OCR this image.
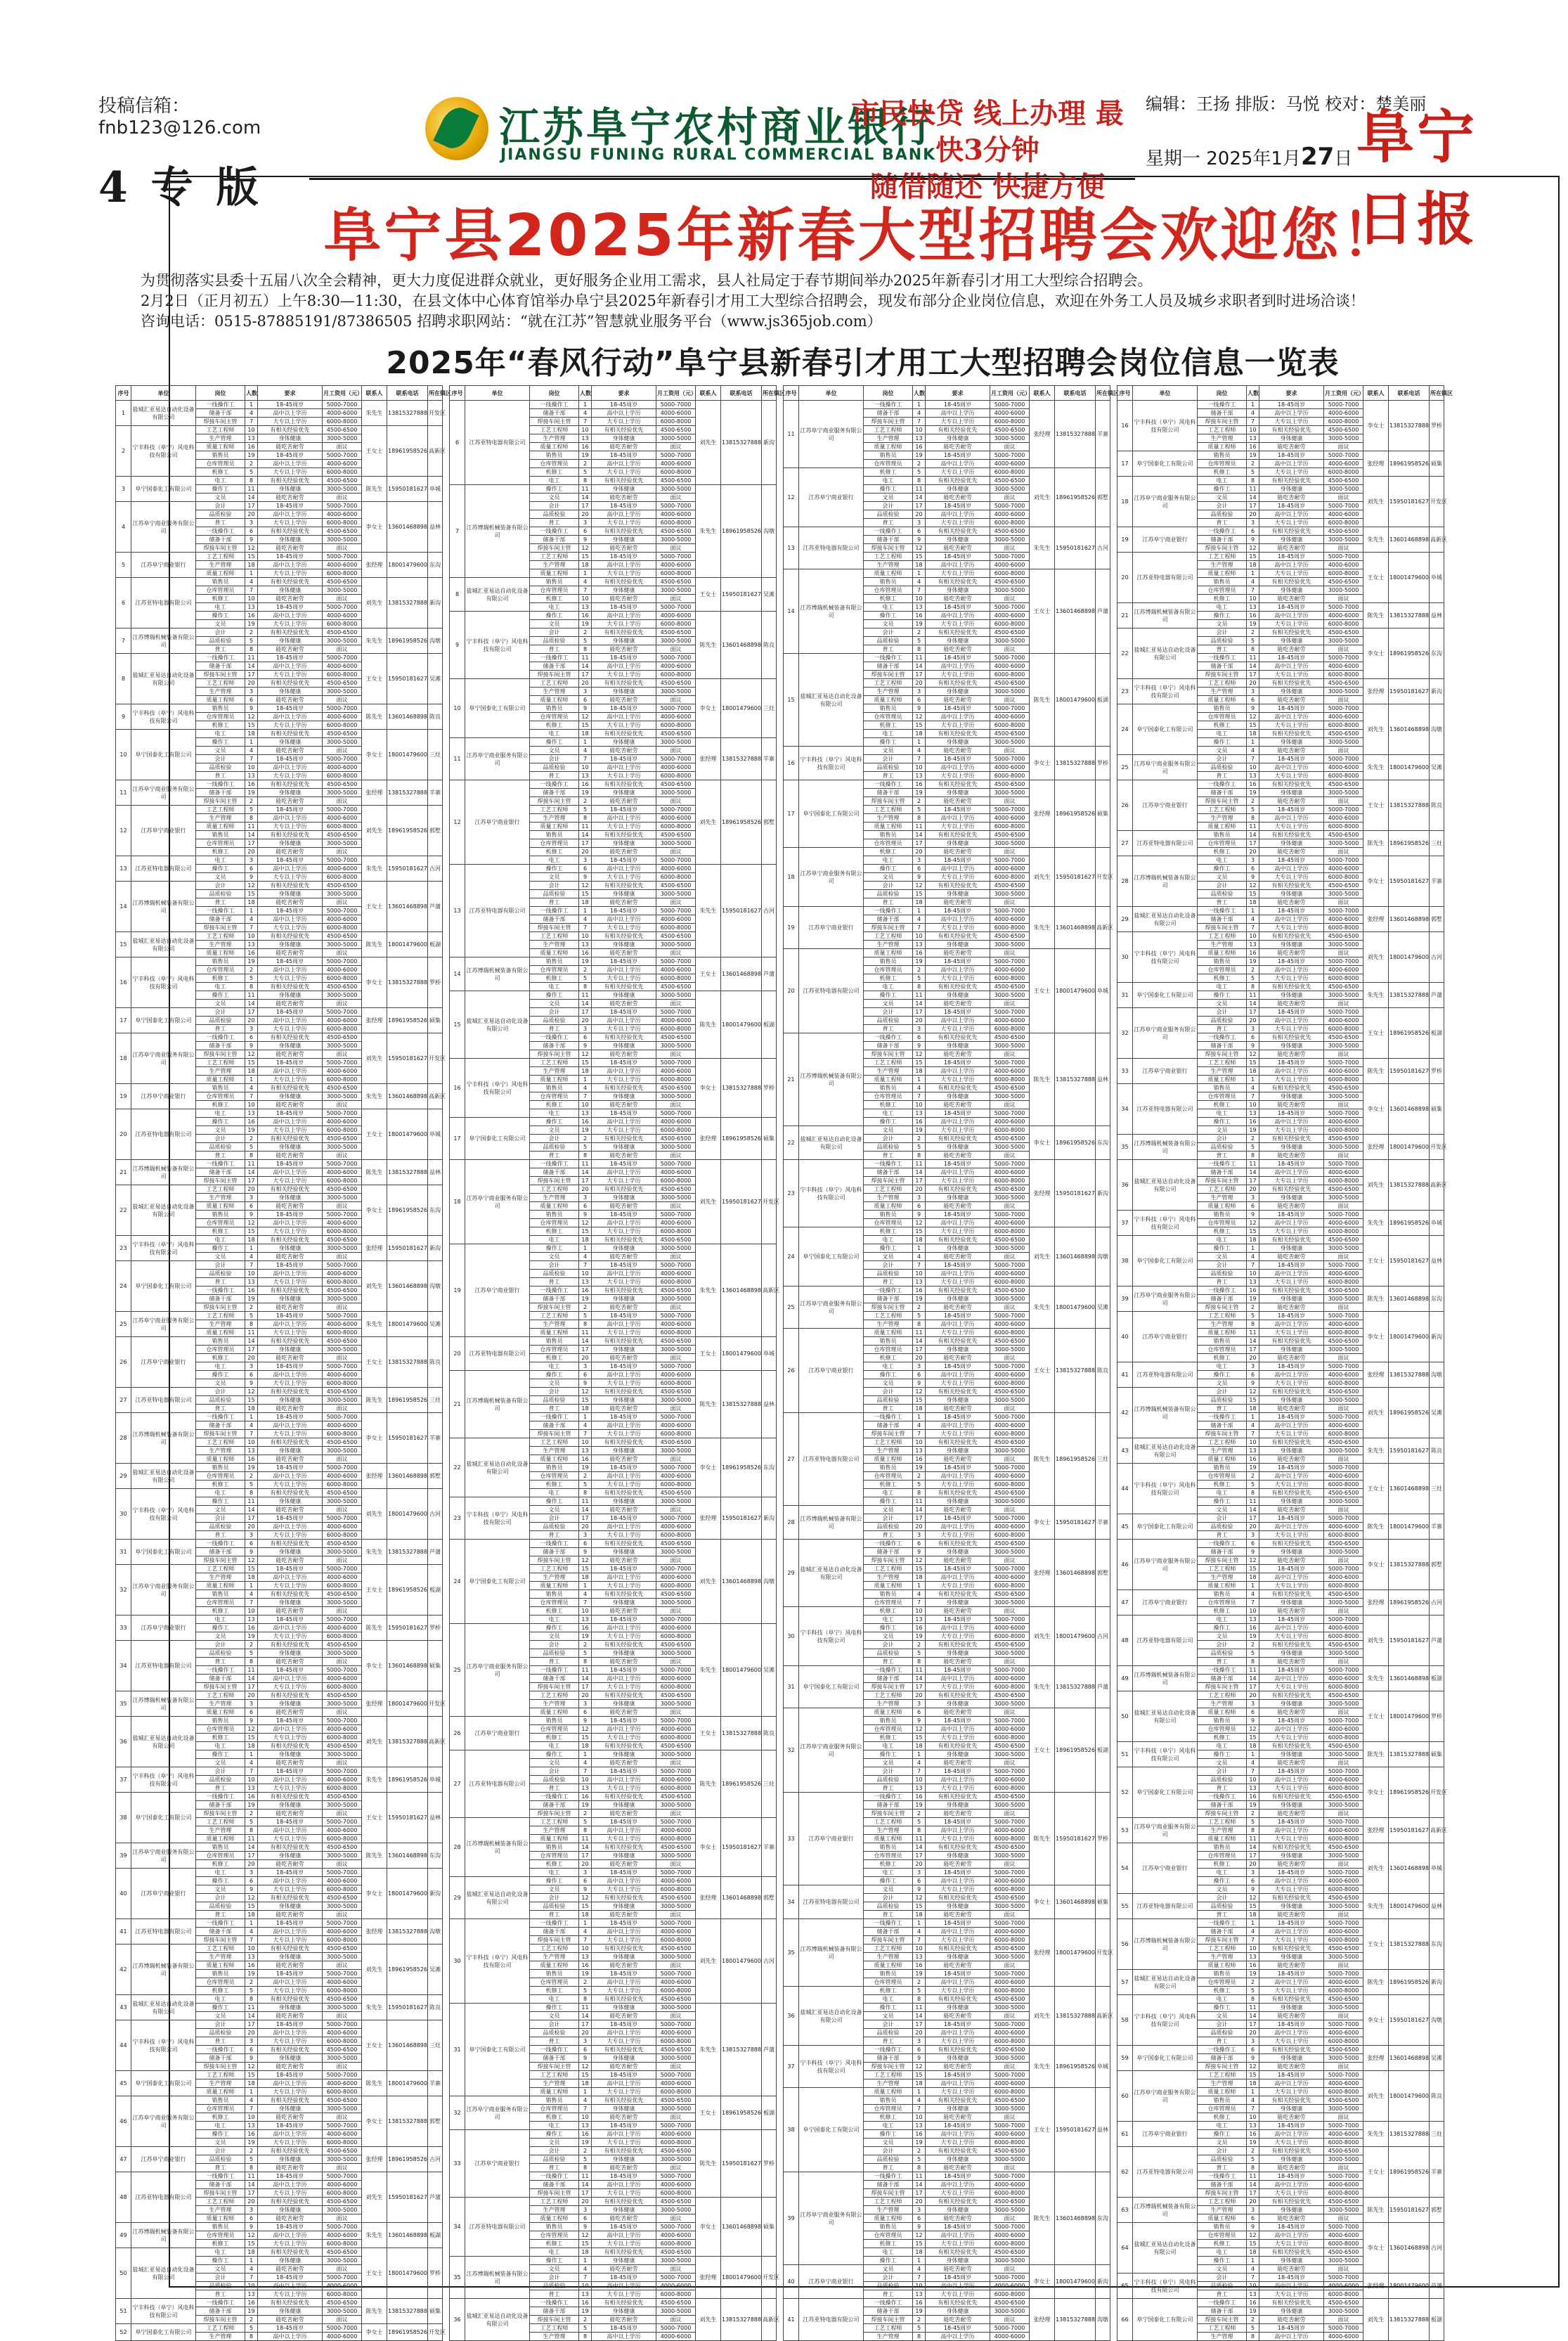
投稿信箱：fnb123@126.com
4 专 版
江苏阜宁农村商业银行
JIANGSU FUNING RURAL COMMERCIAL BANK
市民快贷 线上办理 最快3分钟
随借随还 快捷方便
编辑：王扬 排版：马悦 校对：楚美丽
星期一 2025年1月27日 阜宁日报
阜宁县2025年新春大型招聘会欢迎您！

为贯彻落实县委十五届八次全会精神，更大力度促进群众就业，更好服务企业用工需求，县人社局定于春节期间举办2025年新春引才用工大型综合招聘会。

2月2日（正月初五）上午8:30—11:30，在县文体中心体育馆举办阜宁县2025年新春引才用工大型综合招聘会，现发布部分企业岗位信息，欢迎在外务工人员及城乡求职者到时进场洽谈！

咨询电话：0515-87885191/87386505 招聘求职网站：“就在江苏”智慧就业服务平台（www.js365job.com）

2025年“春风行动”阜宁县新春引才用工大型招聘会岗位信息一览表
序号	单位	岗位	人数	要求	月工资用（元）	联系人	联系电话	所在镇区
1	盐城汇亚易达自动化设备有限公司	一线操作工	1	18-45周岁	5000-7000	朱先生	13815327888	开发区
		储备干部	4	高中以上学历	4000-6000			
		焊接车间主管	7	大专以上学历	6000-8000			
2	宁丰科技（阜宁）风电科技有限公司	工艺工程师	10	有相关经验优先	4500-6500	王女士	18961958526	高新区
		生产管理	13	身体健康	3000-5000			
		质量工程师	16	能吃苦耐劳	面议			
		销售员	19	18-45周岁	5000-7000			
		仓库管理员	2	高中以上学历	4000-6000			
		机修工	5	大专以上学历	6000-8000			
3	阜宁国泰化工有限公司	电工	8	有相关经验优先	4500-6500	陈先生	15950181627	阜城
		操作工	11	身体健康	3000-5000			
		文员	14	能吃苦耐劳	面议			
4	江苏阜宁商业服务有限公司	会计	17	18-45周岁	5000-7000	李女士	13601468898	益林
		品质检验	20	高中以上学历	4000-6000			
		普工	3	大专以上学历	6000-8000			
		一线操作工	6	有相关经验优先	4500-6500			
		储备干部	9	身体健康	3000-5000			
		焊接车间主管	12	能吃苦耐劳	面议			
5	江苏阜宁商业银行	工艺工程师	15	18-45周岁	5000-7000	张经理	18001479600	东沟
		生产管理	18	高中以上学历	4000-6000			
		质量工程师	1	大专以上学历	6000-8000			
6	江苏亚特电器有限公司	销售员	4	有相关经验优先	4500-6500	刘先生	13815327888	新沟
		仓库管理员	7	身体健康	3000-5000			
		机修工	10	能吃苦耐劳	面议			
		电工	13	18-45周岁	5000-7000			
		操作工	16	高中以上学历	4000-6000			
		文员	19	大专以上学历	6000-8000			
7	江苏博瑞机械装备有限公司	会计	2	有相关经验优先	4500-6500	朱先生	18961958526	沟墩
		品质检验	5	身体健康	3000-5000			
		普工	8	能吃苦耐劳	面议			
8	盐城汇亚易达自动化设备有限公司	一线操作工	11	18-45周岁	5000-7000	王女士	15950181627	吴滩
		储备干部	14	高中以上学历	4000-6000			
		焊接车间主管	17	大专以上学历	6000-8000			
		工艺工程师	20	有相关经验优先	4500-6500			
		生产管理	3	身体健康	3000-5000			
		质量工程师	6	能吃苦耐劳	面议			
9	宁丰科技（阜宁）风电科技有限公司	销售员	9	18-45周岁	5000-7000	陈先生	13601468898	陈良
		仓库管理员	12	高中以上学历	4000-6000			
		机修工	15	大专以上学历	6000-8000			
10	阜宁国泰化工有限公司	电工	18	有相关经验优先	4500-6500	李女士	18001479600	三灶
		操作工	1	身体健康	3000-5000			
		文员	4	能吃苦耐劳	面议			
		会计	7	18-45周岁	5000-7000			
		品质检验	10	高中以上学历	4000-6000			
		普工	13	大专以上学历	6000-8000			
11	江苏阜宁商业服务有限公司	一线操作工	16	有相关经验优先	4500-6500	张经理	13815327888	羊寨
		储备干部	19	身体健康	3000-5000			
		焊接车间主管	2	能吃苦耐劳	面议			
12	江苏阜宁商业银行	工艺工程师	5	18-45周岁	5000-7000	刘先生	18961958526	郭墅
		生产管理	8	高中以上学历	4000-6000			
		质量工程师	11	大专以上学历	6000-8000			
		销售员	14	有相关经验优先	4500-6500			
		仓库管理员	17	身体健康	3000-5000			
		机修工	20	能吃苦耐劳	面议			
13	江苏亚特电器有限公司	电工	3	18-45周岁	5000-7000	朱先生	15950181627	古河
		操作工	6	高中以上学历	4000-6000			
		文员	9	大专以上学历	6000-8000			
14	江苏博瑞机械装备有限公司	会计	12	有相关经验优先	4500-6500	王女士	13601468898	芦蒲
		品质检验	15	身体健康	3000-5000			
		普工	18	能吃苦耐劳	面议			
		一线操作工	1	18-45周岁	5000-7000			
		储备干部	4	高中以上学历	4000-6000			
		焊接车间主管	7	大专以上学历	6000-8000			
15	盐城汇亚易达自动化设备有限公司	工艺工程师	10	有相关经验优先	4500-6500	陈先生	18001479600	板湖
		生产管理	13	身体健康	3000-5000			
		质量工程师	16	能吃苦耐劳	面议			
16	宁丰科技（阜宁）风电科技有限公司	销售员	19	18-45周岁	5000-7000	李女士	13815327888	罗桥
		仓库管理员	2	高中以上学历	4000-6000			
		机修工	5	大专以上学历	6000-8000			
		电工	8	有相关经验优先	4500-6500			
		操作工	11	身体健康	3000-5000			
		文员	14	能吃苦耐劳	面议			
17	阜宁国泰化工有限公司	会计	17	18-45周岁	5000-7000	张经理	18961958526	硕集
		品质检验	20	高中以上学历	4000-6000			
		普工	3	大专以上学历	6000-8000			
18	江苏阜宁商业服务有限公司	一线操作工	6	有相关经验优先	4500-6500	刘先生	15950181627	开发区
		储备干部	9	身体健康	3000-5000			
		焊接车间主管	12	能吃苦耐劳	面议			
		工艺工程师	15	18-45周岁	5000-7000			
		生产管理	18	高中以上学历	4000-6000			
		质量工程师	1	大专以上学历	6000-8000			
19	江苏阜宁商业银行	销售员	4	有相关经验优先	4500-6500	朱先生	13601468898	高新区
		仓库管理员	7	身体健康	3000-5000			
		机修工	10	能吃苦耐劳	面议			
20	江苏亚特电器有限公司	电工	13	18-45周岁	5000-7000	王女士	18001479600	阜城
		操作工	16	高中以上学历	4000-6000			
		文员	19	大专以上学历	6000-8000			
		会计	2	有相关经验优先	4500-6500			
		品质检验	5	身体健康	3000-5000			
		普工	8	能吃苦耐劳	面议			
21	江苏博瑞机械装备有限公司	一线操作工	11	18-45周岁	5000-7000	陈先生	13815327888	益林
		储备干部	14	高中以上学历	4000-6000			
		焊接车间主管	17	大专以上学历	6000-8000			
22	盐城汇亚易达自动化设备有限公司	工艺工程师	20	有相关经验优先	4500-6500	李女士	18961958526	东沟
		生产管理	3	身体健康	3000-5000			
		质量工程师	6	能吃苦耐劳	面议			
		销售员	9	18-45周岁	5000-7000			
		仓库管理员	12	高中以上学历	4000-6000			
		机修工	15	大专以上学历	6000-8000			
23	宁丰科技（阜宁）风电科技有限公司	电工	18	有相关经验优先	4500-6500	张经理	15950181627	新沟
		操作工	1	身体健康	3000-5000			
		文员	4	能吃苦耐劳	面议			
24	阜宁国泰化工有限公司	会计	7	18-45周岁	5000-7000	刘先生	13601468898	沟墩
		品质检验	10	高中以上学历	4000-6000			
		普工	13	大专以上学历	6000-8000			
		一线操作工	16	有相关经验优先	4500-6500			
		储备干部	19	身体健康	3000-5000			
		焊接车间主管	2	能吃苦耐劳	面议			
25	江苏阜宁商业服务有限公司	工艺工程师	5	18-45周岁	5000-7000	朱先生	18001479600	吴滩
		生产管理	8	高中以上学历	4000-6000			
		质量工程师	11	大专以上学历	6000-8000			
26	江苏阜宁商业银行	销售员	14	有相关经验优先	4500-6500	王女士	13815327888	陈良
		仓库管理员	17	身体健康	3000-5000			
		机修工	20	能吃苦耐劳	面议			
		电工	3	18-45周岁	5000-7000			
		操作工	6	高中以上学历	4000-6000			
		文员	9	大专以上学历	6000-8000			
27	江苏亚特电器有限公司	会计	12	有相关经验优先	4500-6500	陈先生	18961958526	三灶
		品质检验	15	身体健康	3000-5000			
		普工	18	能吃苦耐劳	面议			
28	江苏博瑞机械装备有限公司	一线操作工	1	18-45周岁	5000-7000	李女士	15950181627	羊寨
		储备干部	4	高中以上学历	4000-6000			
		焊接车间主管	7	大专以上学历	6000-8000			
		工艺工程师	10	有相关经验优先	4500-6500			
		生产管理	13	身体健康	3000-5000			
		质量工程师	16	能吃苦耐劳	面议			
29	盐城汇亚易达自动化设备有限公司	销售员	19	18-45周岁	5000-7000	张经理	13601468898	郭墅
		仓库管理员	2	高中以上学历	4000-6000			
		机修工	5	大专以上学历	6000-8000			
30	宁丰科技（阜宁）风电科技有限公司	电工	8	有相关经验优先	4500-6500	刘先生	18001479600	古河
		操作工	11	身体健康	3000-5000			
		文员	14	能吃苦耐劳	面议			
		会计	17	18-45周岁	5000-7000			
		品质检验	20	高中以上学历	4000-6000			
		普工	3	大专以上学历	6000-8000			
31	阜宁国泰化工有限公司	一线操作工	6	有相关经验优先	4500-6500	朱先生	13815327888	芦蒲
		储备干部	9	身体健康	3000-5000			
		焊接车间主管	12	能吃苦耐劳	面议			
32	江苏阜宁商业服务有限公司	工艺工程师	15	18-45周岁	5000-7000	王女士	18961958526	板湖
		生产管理	18	高中以上学历	4000-6000			
		质量工程师	1	大专以上学历	6000-8000			
		销售员	4	有相关经验优先	4500-6500			
		仓库管理员	7	身体健康	3000-5000			
		机修工	10	能吃苦耐劳	面议			
33	江苏阜宁商业银行	电工	13	18-45周岁	5000-7000	陈先生	15950181627	罗桥
		操作工	16	高中以上学历	4000-6000			
		文员	19	大专以上学历	6000-8000			
34	江苏亚特电器有限公司	会计	2	有相关经验优先	4500-6500	李女士	13601468898	硕集
		品质检验	5	身体健康	3000-5000			
		普工	8	能吃苦耐劳	面议			
		一线操作工	11	18-45周岁	5000-7000			
		储备干部	14	高中以上学历	4000-6000			
		焊接车间主管	17	大专以上学历	6000-8000			
35	江苏博瑞机械装备有限公司	工艺工程师	20	有相关经验优先	4500-6500	张经理	18001479600	开发区
		生产管理	3	身体健康	3000-5000			
		质量工程师	6	能吃苦耐劳	面议			
36	盐城汇亚易达自动化设备有限公司	销售员	9	18-45周岁	5000-7000	刘先生	13815327888	高新区
		仓库管理员	12	高中以上学历	4000-6000			
		机修工	15	大专以上学历	6000-8000			
		电工	18	有相关经验优先	4500-6500			
		操作工	1	身体健康	3000-5000			
		文员	4	能吃苦耐劳	面议			
37	宁丰科技（阜宁）风电科技有限公司	会计	7	18-45周岁	5000-7000	朱先生	18961958526	阜城
		品质检验	10	高中以上学历	4000-6000			
		普工	13	大专以上学历	6000-8000			
38	阜宁国泰化工有限公司	一线操作工	16	有相关经验优先	4500-6500	王女士	15950181627	益林
		储备干部	19	身体健康	3000-5000			
		焊接车间主管	2	能吃苦耐劳	面议			
		工艺工程师	5	18-45周岁	5000-7000			
		生产管理	8	高中以上学历	4000-6000			
		质量工程师	11	大专以上学历	6000-8000			
39	江苏阜宁商业服务有限公司	销售员	14	有相关经验优先	4500-6500	陈先生	13601468898	东沟
		仓库管理员	17	身体健康	3000-5000			
		机修工	20	能吃苦耐劳	面议			
40	江苏阜宁商业银行	电工	3	18-45周岁	5000-7000	李女士	18001479600	新沟
		操作工	6	高中以上学历	4000-6000			
		文员	9	大专以上学历	6000-8000			
		会计	12	有相关经验优先	4500-6500			
		品质检验	15	身体健康	3000-5000			
		普工	18	能吃苦耐劳	面议			
41	江苏亚特电器有限公司	一线操作工	1	18-45周岁	5000-7000	张经理	13815327888	沟墩
		储备干部	4	高中以上学历	4000-6000			
		焊接车间主管	7	大专以上学历	6000-8000			
42	江苏博瑞机械装备有限公司	工艺工程师	10	有相关经验优先	4500-6500	刘先生	18961958526	吴滩
		生产管理	13	身体健康	3000-5000			
		质量工程师	16	能吃苦耐劳	面议			
		销售员	19	18-45周岁	5000-7000			
		仓库管理员	2	高中以上学历	4000-6000			
		机修工	5	大专以上学历	6000-8000			
43	盐城汇亚易达自动化设备有限公司	电工	8	有相关经验优先	4500-6500	朱先生	15950181627	陈良
		操作工	11	身体健康	3000-5000			
		文员	14	能吃苦耐劳	面议			
44	宁丰科技（阜宁）风电科技有限公司	会计	17	18-45周岁	5000-7000	王女士	13601468898	三灶
		品质检验	20	高中以上学历	4000-6000			
		普工	3	大专以上学历	6000-8000			
		一线操作工	6	有相关经验优先	4500-6500			
		储备干部	9	身体健康	3000-5000			
		焊接车间主管	12	能吃苦耐劳	面议			
45	阜宁国泰化工有限公司	工艺工程师	15	18-45周岁	5000-7000	陈先生	18001479600	羊寨
		生产管理	18	高中以上学历	4000-6000			
		质量工程师	1	大专以上学历	6000-8000			
46	江苏阜宁商业服务有限公司	销售员	4	有相关经验优先	4500-6500	李女士	13815327888	郭墅
		仓库管理员	7	身体健康	3000-5000			
		机修工	10	能吃苦耐劳	面议			
		电工	13	18-45周岁	5000-7000			
		操作工	16	高中以上学历	4000-6000			
		文员	19	大专以上学历	6000-8000			
47	江苏阜宁商业银行	会计	2	有相关经验优先	4500-6500	张经理	18961958526	古河
		品质检验	5	身体健康	3000-5000			
		普工	8	能吃苦耐劳	面议			
48	江苏亚特电器有限公司	一线操作工	11	18-45周岁	5000-7000	刘先生	15950181627	芦蒲
		储备干部	14	高中以上学历	4000-6000			
		焊接车间主管	17	大专以上学历	6000-8000			
		工艺工程师	20	有相关经验优先	4500-6500			
		生产管理	3	身体健康	3000-5000			
		质量工程师	6	能吃苦耐劳	面议			
49	江苏博瑞机械装备有限公司	销售员	9	18-45周岁	5000-7000	朱先生	13601468898	板湖
		仓库管理员	12	高中以上学历	4000-6000			
		机修工	15	大专以上学历	6000-8000			
50	盐城汇亚易达自动化设备有限公司	电工	18	有相关经验优先	4500-6500	王女士	18001479600	罗桥
		操作工	1	身体健康	3000-5000			
		文员	4	能吃苦耐劳	面议			
		会计	7	18-45周岁	5000-7000			
		品质检验	10	高中以上学历	4000-6000			
		普工	13	大专以上学历	6000-8000			
51	宁丰科技（阜宁）风电科技有限公司	一线操作工	16	有相关经验优先	4500-6500	陈先生	13815327888	硕集
		储备干部	19	身体健康	3000-5000			
		焊接车间主管	2	能吃苦耐劳	面议			
52	阜宁国泰化工有限公司	工艺工程师	5	18-45周岁	5000-7000	李女士	18961958526	开发区
		生产管理	8	高中以上学历	4000-6000			
序号	单位	岗位	人数	要求	月工资用（元）	联系人	联系电话	所在镇区
6	江苏亚特电器有限公司	一线操作工	1	18-45周岁	5000-7000	刘先生	13815327888	新沟
		储备干部	4	高中以上学历	4000-6000			
		焊接车间主管	7	大专以上学历	6000-8000			
		工艺工程师	10	有相关经验优先	4500-6500			
		生产管理	13	身体健康	3000-5000			
		质量工程师	16	能吃苦耐劳	面议			
		销售员	19	18-45周岁	5000-7000			
		仓库管理员	2	高中以上学历	4000-6000			
		机修工	5	大专以上学历	6000-8000			
		电工	8	有相关经验优先	4500-6500			
7	江苏博瑞机械装备有限公司	操作工	11	身体健康	3000-5000	朱先生	18961958526	沟墩
		文员	14	能吃苦耐劳	面议			
		会计	17	18-45周岁	5000-7000			
		品质检验	20	高中以上学历	4000-6000			
		普工	3	大专以上学历	6000-8000			
		一线操作工	6	有相关经验优先	4500-6500			
		储备干部	9	身体健康	3000-5000			
		焊接车间主管	12	能吃苦耐劳	面议			
		工艺工程师	15	18-45周岁	5000-7000			
		生产管理	18	高中以上学历	4000-6000			
		质量工程师	1	大专以上学历	6000-8000			
8	盐城汇亚易达自动化设备有限公司	销售员	4	有相关经验优先	4500-6500	王女士	15950181627	吴滩
		仓库管理员	7	身体健康	3000-5000			
		机修工	10	能吃苦耐劳	面议			
		电工	13	18-45周岁	5000-7000			
9	宁丰科技（阜宁）风电科技有限公司	操作工	16	高中以上学历	4000-6000	陈先生	13601468898	陈良
		文员	19	大专以上学历	6000-8000			
		会计	2	有相关经验优先	4500-6500			
		品质检验	5	身体健康	3000-5000			
		普工	8	能吃苦耐劳	面议			
		一线操作工	11	18-45周岁	5000-7000			
		储备干部	14	高中以上学历	4000-6000			
		焊接车间主管	17	大专以上学历	6000-8000			
10	阜宁国泰化工有限公司	工艺工程师	20	有相关经验优先	4500-6500	李女士	18001479600	三灶
		生产管理	3	身体健康	3000-5000			
		质量工程师	6	能吃苦耐劳	面议			
		销售员	9	18-45周岁	5000-7000			
		仓库管理员	12	高中以上学历	4000-6000			
		机修工	15	大专以上学历	6000-8000			
		电工	18	有相关经验优先	4500-6500			
11	江苏阜宁商业服务有限公司	操作工	1	身体健康	3000-5000	张经理	13815327888	羊寨
		文员	4	能吃苦耐劳	面议			
		会计	7	18-45周岁	5000-7000			
		品质检验	10	高中以上学历	4000-6000			
		普工	13	大专以上学历	6000-8000			
12	江苏阜宁商业银行	一线操作工	16	有相关经验优先	4500-6500	刘先生	18961958526	郭墅
		储备干部	19	身体健康	3000-5000			
		焊接车间主管	2	能吃苦耐劳	面议			
		工艺工程师	5	18-45周岁	5000-7000			
		生产管理	8	高中以上学历	4000-6000			
		质量工程师	11	大专以上学历	6000-8000			
		销售员	14	有相关经验优先	4500-6500			
		仓库管理员	17	身体健康	3000-5000			
		机修工	20	能吃苦耐劳	面议			
		电工	3	18-45周岁	5000-7000			
13	江苏亚特电器有限公司	操作工	6	高中以上学历	4000-6000	朱先生	15950181627	古河
		文员	9	大专以上学历	6000-8000			
		会计	12	有相关经验优先	4500-6500			
		品质检验	15	身体健康	3000-5000			
		普工	18	能吃苦耐劳	面议			
		一线操作工	1	18-45周岁	5000-7000			
		储备干部	4	高中以上学历	4000-6000			
		焊接车间主管	7	大专以上学历	6000-8000			
		工艺工程师	10	有相关经验优先	4500-6500			
		生产管理	13	身体健康	3000-5000			
		质量工程师	16	能吃苦耐劳	面议			
14	江苏博瑞机械装备有限公司	销售员	19	18-45周岁	5000-7000	王女士	13601468898	芦蒲
		仓库管理员	2	高中以上学历	4000-6000			
		机修工	5	大专以上学历	6000-8000			
		电工	8	有相关经验优先	4500-6500			
15	盐城汇亚易达自动化设备有限公司	操作工	11	身体健康	3000-5000	陈先生	18001479600	板湖
		文员	14	能吃苦耐劳	面议			
		会计	17	18-45周岁	5000-7000			
		品质检验	20	高中以上学历	4000-6000			
		普工	3	大专以上学历	6000-8000			
		一线操作工	6	有相关经验优先	4500-6500			
		储备干部	9	身体健康	3000-5000			
		焊接车间主管	12	能吃苦耐劳	面议			
16	宁丰科技（阜宁）风电科技有限公司	工艺工程师	15	18-45周岁	5000-7000	李女士	13815327888	罗桥
		生产管理	18	高中以上学历	4000-6000			
		质量工程师	1	大专以上学历	6000-8000			
		销售员	4	有相关经验优先	4500-6500			
		仓库管理员	7	身体健康	3000-5000			
		机修工	10	能吃苦耐劳	面议			
		电工	13	18-45周岁	5000-7000			
17	阜宁国泰化工有限公司	操作工	16	高中以上学历	4000-6000	张经理	18961958526	硕集
		文员	19	大专以上学历	6000-8000			
		会计	2	有相关经验优先	4500-6500			
		品质检验	5	身体健康	3000-5000			
		普工	8	能吃苦耐劳	面议			
18	江苏阜宁商业服务有限公司	一线操作工	11	18-45周岁	5000-7000	刘先生	15950181627	开发区
		储备干部	14	高中以上学历	4000-6000			
		焊接车间主管	17	大专以上学历	6000-8000			
		工艺工程师	20	有相关经验优先	4500-6500			
		生产管理	3	身体健康	3000-5000			
		质量工程师	6	能吃苦耐劳	面议			
		销售员	9	18-45周岁	5000-7000			
		仓库管理员	12	高中以上学历	4000-6000			
		机修工	15	大专以上学历	6000-8000			
		电工	18	有相关经验优先	4500-6500			
19	江苏阜宁商业银行	操作工	1	身体健康	3000-5000	朱先生	13601468898	高新区
		文员	4	能吃苦耐劳	面议			
		会计	7	18-45周岁	5000-7000			
		品质检验	10	高中以上学历	4000-6000			
		普工	13	大专以上学历	6000-8000			
		一线操作工	16	有相关经验优先	4500-6500			
		储备干部	19	身体健康	3000-5000			
		焊接车间主管	2	能吃苦耐劳	面议			
		工艺工程师	5	18-45周岁	5000-7000			
		生产管理	8	高中以上学历	4000-6000			
		质量工程师	11	大专以上学历	6000-8000			
20	江苏亚特电器有限公司	销售员	14	有相关经验优先	4500-6500	王女士	18001479600	阜城
		仓库管理员	17	身体健康	3000-5000			
		机修工	20	能吃苦耐劳	面议			
		电工	3	18-45周岁	5000-7000			
21	江苏博瑞机械装备有限公司	操作工	6	高中以上学历	4000-6000	陈先生	13815327888	益林
		文员	9	大专以上学历	6000-8000			
		会计	12	有相关经验优先	4500-6500			
		品质检验	15	身体健康	3000-5000			
		普工	18	能吃苦耐劳	面议			
		一线操作工	1	18-45周岁	5000-7000			
		储备干部	4	高中以上学历	4000-6000			
		焊接车间主管	7	大专以上学历	6000-8000			
22	盐城汇亚易达自动化设备有限公司	工艺工程师	10	有相关经验优先	4500-6500	李女士	18961958526	东沟
		生产管理	13	身体健康	3000-5000			
		质量工程师	16	能吃苦耐劳	面议			
		销售员	19	18-45周岁	5000-7000			
		仓库管理员	2	高中以上学历	4000-6000			
		机修工	5	大专以上学历	6000-8000			
		电工	8	有相关经验优先	4500-6500			
23	宁丰科技（阜宁）风电科技有限公司	操作工	11	身体健康	3000-5000	张经理	15950181627	新沟
		文员	14	能吃苦耐劳	面议			
		会计	17	18-45周岁	5000-7000			
		品质检验	20	高中以上学历	4000-6000			
		普工	3	大专以上学历	6000-8000			
24	阜宁国泰化工有限公司	一线操作工	6	有相关经验优先	4500-6500	刘先生	13601468898	沟墩
		储备干部	9	身体健康	3000-5000			
		焊接车间主管	12	能吃苦耐劳	面议			
		工艺工程师	15	18-45周岁	5000-7000			
		生产管理	18	高中以上学历	4000-6000			
		质量工程师	1	大专以上学历	6000-8000			
		销售员	4	有相关经验优先	4500-6500			
		仓库管理员	7	身体健康	3000-5000			
		机修工	10	能吃苦耐劳	面议			
		电工	13	18-45周岁	5000-7000			
25	江苏阜宁商业服务有限公司	操作工	16	高中以上学历	4000-6000	朱先生	18001479600	吴滩
		文员	19	大专以上学历	6000-8000			
		会计	2	有相关经验优先	4500-6500			
		品质检验	5	身体健康	3000-5000			
		普工	8	能吃苦耐劳	面议			
		一线操作工	11	18-45周岁	5000-7000			
		储备干部	14	高中以上学历	4000-6000			
		焊接车间主管	17	大专以上学历	6000-8000			
		工艺工程师	20	有相关经验优先	4500-6500			
		生产管理	3	身体健康	3000-5000			
		质量工程师	6	能吃苦耐劳	面议			
26	江苏阜宁商业银行	销售员	9	18-45周岁	5000-7000	王女士	13815327888	陈良
		仓库管理员	12	高中以上学历	4000-6000			
		机修工	15	大专以上学历	6000-8000			
		电工	18	有相关经验优先	4500-6500			
27	江苏亚特电器有限公司	操作工	1	身体健康	3000-5000	陈先生	18961958526	三灶
		文员	4	能吃苦耐劳	面议			
		会计	7	18-45周岁	5000-7000			
		品质检验	10	高中以上学历	4000-6000			
		普工	13	大专以上学历	6000-8000			
		一线操作工	16	有相关经验优先	4500-6500			
		储备干部	19	身体健康	3000-5000			
		焊接车间主管	2	能吃苦耐劳	面议			
28	江苏博瑞机械装备有限公司	工艺工程师	5	18-45周岁	5000-7000	李女士	15950181627	羊寨
		生产管理	8	高中以上学历	4000-6000			
		质量工程师	11	大专以上学历	6000-8000			
		销售员	14	有相关经验优先	4500-6500			
		仓库管理员	17	身体健康	3000-5000			
		机修工	20	能吃苦耐劳	面议			
		电工	3	18-45周岁	5000-7000			
29	盐城汇亚易达自动化设备有限公司	操作工	6	高中以上学历	4000-6000	张经理	13601468898	郭墅
		文员	9	大专以上学历	6000-8000			
		会计	12	有相关经验优先	4500-6500			
		品质检验	15	身体健康	3000-5000			
		普工	18	能吃苦耐劳	面议			
30	宁丰科技（阜宁）风电科技有限公司	一线操作工	1	18-45周岁	5000-7000	刘先生	18001479600	古河
		储备干部	4	高中以上学历	4000-6000			
		焊接车间主管	7	大专以上学历	6000-8000			
		工艺工程师	10	有相关经验优先	4500-6500			
		生产管理	13	身体健康	3000-5000			
		质量工程师	16	能吃苦耐劳	面议			
		销售员	19	18-45周岁	5000-7000			
		仓库管理员	2	高中以上学历	4000-6000			
		机修工	5	大专以上学历	6000-8000			
		电工	8	有相关经验优先	4500-6500			
31	阜宁国泰化工有限公司	操作工	11	身体健康	3000-5000	朱先生	13815327888	芦蒲
		文员	14	能吃苦耐劳	面议			
		会计	17	18-45周岁	5000-7000			
		品质检验	20	高中以上学历	4000-6000			
		普工	3	大专以上学历	6000-8000			
		一线操作工	6	有相关经验优先	4500-6500			
		储备干部	9	身体健康	3000-5000			
		焊接车间主管	12	能吃苦耐劳	面议			
		工艺工程师	15	18-45周岁	5000-7000			
		生产管理	18	高中以上学历	4000-6000			
		质量工程师	1	大专以上学历	6000-8000			
32	江苏阜宁商业服务有限公司	销售员	4	有相关经验优先	4500-6500	王女士	18961958526	板湖
		仓库管理员	7	身体健康	3000-5000			
		机修工	10	能吃苦耐劳	面议			
		电工	13	18-45周岁	5000-7000			
33	江苏阜宁商业银行	操作工	16	高中以上学历	4000-6000	陈先生	15950181627	罗桥
		文员	19	大专以上学历	6000-8000			
		会计	2	有相关经验优先	4500-6500			
		品质检验	5	身体健康	3000-5000			
		普工	8	能吃苦耐劳	面议			
		一线操作工	11	18-45周岁	5000-7000			
		储备干部	14	高中以上学历	4000-6000			
		焊接车间主管	17	大专以上学历	6000-8000			
34	江苏亚特电器有限公司	工艺工程师	20	有相关经验优先	4500-6500	李女士	13601468898	硕集
		生产管理	3	身体健康	3000-5000			
		质量工程师	6	能吃苦耐劳	面议			
		销售员	9	18-45周岁	5000-7000			
		仓库管理员	12	高中以上学历	4000-6000			
		机修工	15	大专以上学历	6000-8000			
		电工	18	有相关经验优先	4500-6500			
35	江苏博瑞机械装备有限公司	操作工	1	身体健康	3000-5000	张经理	18001479600	开发区
		文员	4	能吃苦耐劳	面议			
		会计	7	18-45周岁	5000-7000			
		品质检验	10	高中以上学历	4000-6000			
		普工	13	大专以上学历	6000-8000			
36	盐城汇亚易达自动化设备有限公司	一线操作工	16	有相关经验优先	4500-6500	刘先生	13815327888	高新区
		储备干部	19	身体健康	3000-5000			
		焊接车间主管	2	能吃苦耐劳	面议			
		工艺工程师	5	18-45周岁	5000-7000			
		生产管理	8	高中以上学历	4000-6000			
序号	单位	岗位	人数	要求	月工资用（元）	联系人	联系电话	所在镇区
11	江苏阜宁商业服务有限公司	一线操作工	1	18-45周岁	5000-7000	张经理	13815327888	羊寨
		储备干部	4	高中以上学历	4000-6000			
		焊接车间主管	7	大专以上学历	6000-8000			
		工艺工程师	10	有相关经验优先	4500-6500			
		生产管理	13	身体健康	3000-5000			
		质量工程师	16	能吃苦耐劳	面议			
		销售员	19	18-45周岁	5000-7000			
		仓库管理员	2	高中以上学历	4000-6000			
12	江苏阜宁商业银行	机修工	5	大专以上学历	6000-8000	刘先生	18961958526	郭墅
		电工	8	有相关经验优先	4500-6500			
		操作工	11	身体健康	3000-5000			
		文员	14	能吃苦耐劳	面议			
		会计	17	18-45周岁	5000-7000			
		品质检验	20	高中以上学历	4000-6000			
		普工	3	大专以上学历	6000-8000			
13	江苏亚特电器有限公司	一线操作工	6	有相关经验优先	4500-6500	朱先生	15950181627	古河
		储备干部	9	身体健康	3000-5000			
		焊接车间主管	12	能吃苦耐劳	面议			
		工艺工程师	15	18-45周岁	5000-7000			
		生产管理	18	高中以上学历	4000-6000			
14	江苏博瑞机械装备有限公司	质量工程师	1	大专以上学历	6000-8000	王女士	13601468898	芦蒲
		销售员	4	有相关经验优先	4500-6500			
		仓库管理员	7	身体健康	3000-5000			
		机修工	10	能吃苦耐劳	面议			
		电工	13	18-45周岁	5000-7000			
		操作工	16	高中以上学历	4000-6000			
		文员	19	大专以上学历	6000-8000			
		会计	2	有相关经验优先	4500-6500			
		品质检验	5	身体健康	3000-5000			
		普工	8	能吃苦耐劳	面议			
15	盐城汇亚易达自动化设备有限公司	一线操作工	11	18-45周岁	5000-7000	陈先生	18001479600	板湖
		储备干部	14	高中以上学历	4000-6000			
		焊接车间主管	17	大专以上学历	6000-8000			
		工艺工程师	20	有相关经验优先	4500-6500			
		生产管理	3	身体健康	3000-5000			
		质量工程师	6	能吃苦耐劳	面议			
		销售员	9	18-45周岁	5000-7000			
		仓库管理员	12	高中以上学历	4000-6000			
		机修工	15	大专以上学历	6000-8000			
		电工	18	有相关经验优先	4500-6500			
		操作工	1	身体健康	3000-5000			
16	宁丰科技（阜宁）风电科技有限公司	文员	4	能吃苦耐劳	面议	李女士	13815327888	罗桥
		会计	7	18-45周岁	5000-7000			
		品质检验	10	高中以上学历	4000-6000			
		普工	13	大专以上学历	6000-8000			
17	阜宁国泰化工有限公司	一线操作工	16	有相关经验优先	4500-6500	张经理	18961958526	硕集
		储备干部	19	身体健康	3000-5000			
		焊接车间主管	2	能吃苦耐劳	面议			
		工艺工程师	5	18-45周岁	5000-7000			
		生产管理	8	高中以上学历	4000-6000			
		质量工程师	11	大专以上学历	6000-8000			
		销售员	14	有相关经验优先	4500-6500			
		仓库管理员	17	身体健康	3000-5000			
18	江苏阜宁商业服务有限公司	机修工	20	能吃苦耐劳	面议	刘先生	15950181627	开发区
		电工	3	18-45周岁	5000-7000			
		操作工	6	高中以上学历	4000-6000			
		文员	9	大专以上学历	6000-8000			
		会计	12	有相关经验优先	4500-6500			
		品质检验	15	身体健康	3000-5000			
		普工	18	能吃苦耐劳	面议			
19	江苏阜宁商业银行	一线操作工	1	18-45周岁	5000-7000	朱先生	13601468898	高新区
		储备干部	4	高中以上学历	4000-6000			
		焊接车间主管	7	大专以上学历	6000-8000			
		工艺工程师	10	有相关经验优先	4500-6500			
		生产管理	13	身体健康	3000-5000			
20	江苏亚特电器有限公司	质量工程师	16	能吃苦耐劳	面议	王女士	18001479600	阜城
		销售员	19	18-45周岁	5000-7000			
		仓库管理员	2	高中以上学历	4000-6000			
		机修工	5	大专以上学历	6000-8000			
		电工	8	有相关经验优先	4500-6500			
		操作工	11	身体健康	3000-5000			
		文员	14	能吃苦耐劳	面议			
		会计	17	18-45周岁	5000-7000			
		品质检验	20	高中以上学历	4000-6000			
		普工	3	大专以上学历	6000-8000			
21	江苏博瑞机械装备有限公司	一线操作工	6	有相关经验优先	4500-6500	陈先生	13815327888	益林
		储备干部	9	身体健康	3000-5000			
		焊接车间主管	12	能吃苦耐劳	面议			
		工艺工程师	15	18-45周岁	5000-7000			
		生产管理	18	高中以上学历	4000-6000			
		质量工程师	1	大专以上学历	6000-8000			
		销售员	4	有相关经验优先	4500-6500			
		仓库管理员	7	身体健康	3000-5000			
		机修工	10	能吃苦耐劳	面议			
		电工	13	18-45周岁	5000-7000			
		操作工	16	高中以上学历	4000-6000			
22	盐城汇亚易达自动化设备有限公司	文员	19	大专以上学历	6000-8000	李女士	18961958526	东沟
		会计	2	有相关经验优先	4500-6500			
		品质检验	5	身体健康	3000-5000			
		普工	8	能吃苦耐劳	面议			
23	宁丰科技（阜宁）风电科技有限公司	一线操作工	11	18-45周岁	5000-7000	张经理	15950181627	新沟
		储备干部	14	高中以上学历	4000-6000			
		焊接车间主管	17	大专以上学历	6000-8000			
		工艺工程师	20	有相关经验优先	4500-6500			
		生产管理	3	身体健康	3000-5000			
		质量工程师	6	能吃苦耐劳	面议			
		销售员	9	18-45周岁	5000-7000			
		仓库管理员	12	高中以上学历	4000-6000			
24	阜宁国泰化工有限公司	机修工	15	大专以上学历	6000-8000	刘先生	13601468898	沟墩
		电工	18	有相关经验优先	4500-6500			
		操作工	1	身体健康	3000-5000			
		文员	4	能吃苦耐劳	面议			
		会计	7	18-45周岁	5000-7000			
		品质检验	10	高中以上学历	4000-6000			
		普工	13	大专以上学历	6000-8000			
25	江苏阜宁商业服务有限公司	一线操作工	16	有相关经验优先	4500-6500	朱先生	18001479600	吴滩
		储备干部	19	身体健康	3000-5000			
		焊接车间主管	2	能吃苦耐劳	面议			
		工艺工程师	5	18-45周岁	5000-7000			
		生产管理	8	高中以上学历	4000-6000			
26	江苏阜宁商业银行	质量工程师	11	大专以上学历	6000-8000	王女士	13815327888	陈良
		销售员	14	有相关经验优先	4500-6500			
		仓库管理员	17	身体健康	3000-5000			
		机修工	20	能吃苦耐劳	面议			
		电工	3	18-45周岁	5000-7000			
		操作工	6	高中以上学历	4000-6000			
		文员	9	大专以上学历	6000-8000			
		会计	12	有相关经验优先	4500-6500			
		品质检验	15	身体健康	3000-5000			
		普工	18	能吃苦耐劳	面议			
27	江苏亚特电器有限公司	一线操作工	1	18-45周岁	5000-7000	陈先生	18961958526	三灶
		储备干部	4	高中以上学历	4000-6000			
		焊接车间主管	7	大专以上学历	6000-8000			
		工艺工程师	10	有相关经验优先	4500-6500			
		生产管理	13	身体健康	3000-5000			
		质量工程师	16	能吃苦耐劳	面议			
		销售员	19	18-45周岁	5000-7000			
		仓库管理员	2	高中以上学历	4000-6000			
		机修工	5	大专以上学历	6000-8000			
		电工	8	有相关经验优先	4500-6500			
		操作工	11	身体健康	3000-5000			
28	江苏博瑞机械装备有限公司	文员	14	能吃苦耐劳	面议	李女士	15950181627	羊寨
		会计	17	18-45周岁	5000-7000			
		品质检验	20	高中以上学历	4000-6000			
		普工	3	大专以上学历	6000-8000			
29	盐城汇亚易达自动化设备有限公司	一线操作工	6	有相关经验优先	4500-6500	张经理	13601468898	郭墅
		储备干部	9	身体健康	3000-5000			
		焊接车间主管	12	能吃苦耐劳	面议			
		工艺工程师	15	18-45周岁	5000-7000			
		生产管理	18	高中以上学历	4000-6000			
		质量工程师	1	大专以上学历	6000-8000			
		销售员	4	有相关经验优先	4500-6500			
		仓库管理员	7	身体健康	3000-5000			
30	宁丰科技（阜宁）风电科技有限公司	机修工	10	能吃苦耐劳	面议	刘先生	18001479600	古河
		电工	13	18-45周岁	5000-7000			
		操作工	16	高中以上学历	4000-6000			
		文员	19	大专以上学历	6000-8000			
		会计	2	有相关经验优先	4500-6500			
		品质检验	5	身体健康	3000-5000			
		普工	8	能吃苦耐劳	面议			
31	阜宁国泰化工有限公司	一线操作工	11	18-45周岁	5000-7000	朱先生	13815327888	芦蒲
		储备干部	14	高中以上学历	4000-6000			
		焊接车间主管	17	大专以上学历	6000-8000			
		工艺工程师	20	有相关经验优先	4500-6500			
		生产管理	3	身体健康	3000-5000			
32	江苏阜宁商业服务有限公司	质量工程师	6	能吃苦耐劳	面议	王女士	18961958526	板湖
		销售员	9	18-45周岁	5000-7000			
		仓库管理员	12	高中以上学历	4000-6000			
		机修工	15	大专以上学历	6000-8000			
		电工	18	有相关经验优先	4500-6500			
		操作工	1	身体健康	3000-5000			
		文员	4	能吃苦耐劳	面议			
		会计	7	18-45周岁	5000-7000			
		品质检验	10	高中以上学历	4000-6000			
		普工	13	大专以上学历	6000-8000			
33	江苏阜宁商业银行	一线操作工	16	有相关经验优先	4500-6500	陈先生	15950181627	罗桥
		储备干部	19	身体健康	3000-5000			
		焊接车间主管	2	能吃苦耐劳	面议			
		工艺工程师	5	18-45周岁	5000-7000			
		生产管理	8	高中以上学历	4000-6000			
		质量工程师	11	大专以上学历	6000-8000			
		销售员	14	有相关经验优先	4500-6500			
		仓库管理员	17	身体健康	3000-5000			
		机修工	20	能吃苦耐劳	面议			
		电工	3	18-45周岁	5000-7000			
		操作工	6	高中以上学历	4000-6000			
34	江苏亚特电器有限公司	文员	9	大专以上学历	6000-8000	李女士	13601468898	硕集
		会计	12	有相关经验优先	4500-6500			
		品质检验	15	身体健康	3000-5000			
		普工	18	能吃苦耐劳	面议			
35	江苏博瑞机械装备有限公司	一线操作工	1	18-45周岁	5000-7000	张经理	18001479600	开发区
		储备干部	4	高中以上学历	4000-6000			
		焊接车间主管	7	大专以上学历	6000-8000			
		工艺工程师	10	有相关经验优先	4500-6500			
		生产管理	13	身体健康	3000-5000			
		质量工程师	16	能吃苦耐劳	面议			
		销售员	19	18-45周岁	5000-7000			
		仓库管理员	2	高中以上学历	4000-6000			
36	盐城汇亚易达自动化设备有限公司	机修工	5	大专以上学历	6000-8000	刘先生	13815327888	高新区
		电工	8	有相关经验优先	4500-6500			
		操作工	11	身体健康	3000-5000			
		文员	14	能吃苦耐劳	面议			
		会计	17	18-45周岁	5000-7000			
		品质检验	20	高中以上学历	4000-6000			
		普工	3	大专以上学历	6000-8000			
37	宁丰科技（阜宁）风电科技有限公司	一线操作工	6	有相关经验优先	4500-6500	朱先生	18961958526	阜城
		储备干部	9	身体健康	3000-5000			
		焊接车间主管	12	能吃苦耐劳	面议			
		工艺工程师	15	18-45周岁	5000-7000			
		生产管理	18	高中以上学历	4000-6000			
38	阜宁国泰化工有限公司	质量工程师	1	大专以上学历	6000-8000	王女士	15950181627	益林
		销售员	4	有相关经验优先	4500-6500			
		仓库管理员	7	身体健康	3000-5000			
		机修工	10	能吃苦耐劳	面议			
		电工	13	18-45周岁	5000-7000			
		操作工	16	高中以上学历	4000-6000			
		文员	19	大专以上学历	6000-8000			
		会计	2	有相关经验优先	4500-6500			
		品质检验	5	身体健康	3000-5000			
		普工	8	能吃苦耐劳	面议			
39	江苏阜宁商业服务有限公司	一线操作工	11	18-45周岁	5000-7000	陈先生	13601468898	东沟
		储备干部	14	高中以上学历	4000-6000			
		焊接车间主管	17	大专以上学历	6000-8000			
		工艺工程师	20	有相关经验优先	4500-6500			
		生产管理	3	身体健康	3000-5000			
		质量工程师	6	能吃苦耐劳	面议			
		销售员	9	18-45周岁	5000-7000			
		仓库管理员	12	高中以上学历	4000-6000			
		机修工	15	大专以上学历	6000-8000			
		电工	18	有相关经验优先	4500-6500			
		操作工	1	身体健康	3000-5000			
40	江苏阜宁商业银行	文员	4	能吃苦耐劳	面议	李女士	18001479600	新沟
		会计	7	18-45周岁	5000-7000			
		品质检验	10	高中以上学历	4000-6000			
		普工	13	大专以上学历	6000-8000			
41	江苏亚特电器有限公司	一线操作工	16	有相关经验优先	4500-6500	张经理	13815327888	沟墩
		储备干部	19	身体健康	3000-5000			
		焊接车间主管	2	能吃苦耐劳	面议			
		工艺工程师	5	18-45周岁	5000-7000			
		生产管理	8	高中以上学历	4000-6000			
序号	单位	岗位	人数	要求	月工资用（元）	联系人	联系电话	所在镇区
16	宁丰科技（阜宁）风电科技有限公司	一线操作工	1	18-45周岁	5000-7000	李女士	13815327888	罗桥
		储备干部	4	高中以上学历	4000-6000			
		焊接车间主管	7	大专以上学历	6000-8000			
		工艺工程师	10	有相关经验优先	4500-6500			
		生产管理	13	身体健康	3000-5000			
		质量工程师	16	能吃苦耐劳	面议			
17	阜宁国泰化工有限公司	销售员	19	18-45周岁	5000-7000	张经理	18961958526	硕集
		仓库管理员	2	高中以上学历	4000-6000			
		机修工	5	大专以上学历	6000-8000			
18	江苏阜宁商业服务有限公司	电工	8	有相关经验优先	4500-6500	刘先生	15950181627	开发区
		操作工	11	身体健康	3000-5000			
		文员	14	能吃苦耐劳	面议			
		会计	17	18-45周岁	5000-7000			
		品质检验	20	高中以上学历	4000-6000			
		普工	3	大专以上学历	6000-8000			
19	江苏阜宁商业银行	一线操作工	6	有相关经验优先	4500-6500	朱先生	13601468898	高新区
		储备干部	9	身体健康	3000-5000			
		焊接车间主管	12	能吃苦耐劳	面议			
20	江苏亚特电器有限公司	工艺工程师	15	18-45周岁	5000-7000	王女士	18001479600	阜城
		生产管理	18	高中以上学历	4000-6000			
		质量工程师	1	大专以上学历	6000-8000			
		销售员	4	有相关经验优先	4500-6500			
		仓库管理员	7	身体健康	3000-5000			
		机修工	10	能吃苦耐劳	面议			
21	江苏博瑞机械装备有限公司	电工	13	18-45周岁	5000-7000	陈先生	13815327888	益林
		操作工	16	高中以上学历	4000-6000			
		文员	19	大专以上学历	6000-8000			
22	盐城汇亚易达自动化设备有限公司	会计	2	有相关经验优先	4500-6500	李女士	18961958526	东沟
		品质检验	5	身体健康	3000-5000			
		普工	8	能吃苦耐劳	面议			
		一线操作工	11	18-45周岁	5000-7000			
		储备干部	14	高中以上学历	4000-6000			
		焊接车间主管	17	大专以上学历	6000-8000			
23	宁丰科技（阜宁）风电科技有限公司	工艺工程师	20	有相关经验优先	4500-6500	张经理	15950181627	新沟
		生产管理	3	身体健康	3000-5000			
		质量工程师	6	能吃苦耐劳	面议			
24	阜宁国泰化工有限公司	销售员	9	18-45周岁	5000-7000	刘先生	13601468898	沟墩
		仓库管理员	12	高中以上学历	4000-6000			
		机修工	15	大专以上学历	6000-8000			
		电工	18	有相关经验优先	4500-6500			
		操作工	1	身体健康	3000-5000			
		文员	4	能吃苦耐劳	面议			
25	江苏阜宁商业服务有限公司	会计	7	18-45周岁	5000-7000	朱先生	18001479600	吴滩
		品质检验	10	高中以上学历	4000-6000			
		普工	13	大专以上学历	6000-8000			
26	江苏阜宁商业银行	一线操作工	16	有相关经验优先	4500-6500	王女士	13815327888	陈良
		储备干部	19	身体健康	3000-5000			
		焊接车间主管	2	能吃苦耐劳	面议			
		工艺工程师	5	18-45周岁	5000-7000			
		生产管理	8	高中以上学历	4000-6000			
		质量工程师	11	大专以上学历	6000-8000			
27	江苏亚特电器有限公司	销售员	14	有相关经验优先	4500-6500	陈先生	18961958526	三灶
		仓库管理员	17	身体健康	3000-5000			
		机修工	20	能吃苦耐劳	面议			
28	江苏博瑞机械装备有限公司	电工	3	18-45周岁	5000-7000	李女士	15950181627	羊寨
		操作工	6	高中以上学历	4000-6000			
		文员	9	大专以上学历	6000-8000			
		会计	12	有相关经验优先	4500-6500			
		品质检验	15	身体健康	3000-5000			
		普工	18	能吃苦耐劳	面议			
29	盐城汇亚易达自动化设备有限公司	一线操作工	1	18-45周岁	5000-7000	张经理	13601468898	郭墅
		储备干部	4	高中以上学历	4000-6000			
		焊接车间主管	7	大专以上学历	6000-8000			
30	宁丰科技（阜宁）风电科技有限公司	工艺工程师	10	有相关经验优先	4500-6500	刘先生	18001479600	古河
		生产管理	13	身体健康	3000-5000			
		质量工程师	16	能吃苦耐劳	面议			
		销售员	19	18-45周岁	5000-7000			
		仓库管理员	2	高中以上学历	4000-6000			
		机修工	5	大专以上学历	6000-8000			
31	阜宁国泰化工有限公司	电工	8	有相关经验优先	4500-6500	朱先生	13815327888	芦蒲
		操作工	11	身体健康	3000-5000			
		文员	14	能吃苦耐劳	面议			
32	江苏阜宁商业服务有限公司	会计	17	18-45周岁	5000-7000	王女士	18961958526	板湖
		品质检验	20	高中以上学历	4000-6000			
		普工	3	大专以上学历	6000-8000			
		一线操作工	6	有相关经验优先	4500-6500			
		储备干部	9	身体健康	3000-5000			
		焊接车间主管	12	能吃苦耐劳	面议			
33	江苏阜宁商业银行	工艺工程师	15	18-45周岁	5000-7000	陈先生	15950181627	罗桥
		生产管理	18	高中以上学历	4000-6000			
		质量工程师	1	大专以上学历	6000-8000			
34	江苏亚特电器有限公司	销售员	4	有相关经验优先	4500-6500	李女士	13601468898	硕集
		仓库管理员	7	身体健康	3000-5000			
		机修工	10	能吃苦耐劳	面议			
		电工	13	18-45周岁	5000-7000			
		操作工	16	高中以上学历	4000-6000			
		文员	19	大专以上学历	6000-8000			
35	江苏博瑞机械装备有限公司	会计	2	有相关经验优先	4500-6500	张经理	18001479600	开发区
		品质检验	5	身体健康	3000-5000			
		普工	8	能吃苦耐劳	面议			
36	盐城汇亚易达自动化设备有限公司	一线操作工	11	18-45周岁	5000-7000	刘先生	13815327888	高新区
		储备干部	14	高中以上学历	4000-6000			
		焊接车间主管	17	大专以上学历	6000-8000			
		工艺工程师	20	有相关经验优先	4500-6500			
		生产管理	3	身体健康	3000-5000			
		质量工程师	6	能吃苦耐劳	面议			
37	宁丰科技（阜宁）风电科技有限公司	销售员	9	18-45周岁	5000-7000	朱先生	18961958526	阜城
		仓库管理员	12	高中以上学历	4000-6000			
		机修工	15	大专以上学历	6000-8000			
38	阜宁国泰化工有限公司	电工	18	有相关经验优先	4500-6500	王女士	15950181627	益林
		操作工	1	身体健康	3000-5000			
		文员	4	能吃苦耐劳	面议			
		会计	7	18-45周岁	5000-7000			
		品质检验	10	高中以上学历	4000-6000			
		普工	13	大专以上学历	6000-8000			
39	江苏阜宁商业服务有限公司	一线操作工	16	有相关经验优先	4500-6500	陈先生	13601468898	东沟
		储备干部	19	身体健康	3000-5000			
		焊接车间主管	2	能吃苦耐劳	面议			
40	江苏阜宁商业银行	工艺工程师	5	18-45周岁	5000-7000	李女士	18001479600	新沟
		生产管理	8	高中以上学历	4000-6000			
		质量工程师	11	大专以上学历	6000-8000			
		销售员	14	有相关经验优先	4500-6500			
		仓库管理员	17	身体健康	3000-5000			
		机修工	20	能吃苦耐劳	面议			
41	江苏亚特电器有限公司	电工	3	18-45周岁	5000-7000	张经理	13815327888	沟墩
		操作工	6	高中以上学历	4000-6000			
		文员	9	大专以上学历	6000-8000			
42	江苏博瑞机械装备有限公司	会计	12	有相关经验优先	4500-6500	刘先生	18961958526	吴滩
		品质检验	15	身体健康	3000-5000			
		普工	18	能吃苦耐劳	面议			
		一线操作工	1	18-45周岁	5000-7000			
		储备干部	4	高中以上学历	4000-6000			
		焊接车间主管	7	大专以上学历	6000-8000			
43	盐城汇亚易达自动化设备有限公司	工艺工程师	10	有相关经验优先	4500-6500	朱先生	15950181627	陈良
		生产管理	13	身体健康	3000-5000			
		质量工程师	16	能吃苦耐劳	面议			
44	宁丰科技（阜宁）风电科技有限公司	销售员	19	18-45周岁	5000-7000	王女士	13601468898	三灶
		仓库管理员	2	高中以上学历	4000-6000			
		机修工	5	大专以上学历	6000-8000			
		电工	8	有相关经验优先	4500-6500			
		操作工	11	身体健康	3000-5000			
		文员	14	能吃苦耐劳	面议			
45	阜宁国泰化工有限公司	会计	17	18-45周岁	5000-7000	陈先生	18001479600	羊寨
		品质检验	20	高中以上学历	4000-6000			
		普工	3	大专以上学历	6000-8000			
46	江苏阜宁商业服务有限公司	一线操作工	6	有相关经验优先	4500-6500	李女士	13815327888	郭墅
		储备干部	9	身体健康	3000-5000			
		焊接车间主管	12	能吃苦耐劳	面议			
		工艺工程师	15	18-45周岁	5000-7000			
		生产管理	18	高中以上学历	4000-6000			
		质量工程师	1	大专以上学历	6000-8000			
47	江苏阜宁商业银行	销售员	4	有相关经验优先	4500-6500	张经理	18961958526	古河
		仓库管理员	7	身体健康	3000-5000			
		机修工	10	能吃苦耐劳	面议			
48	江苏亚特电器有限公司	电工	13	18-45周岁	5000-7000	刘先生	15950181627	芦蒲
		操作工	16	高中以上学历	4000-6000			
		文员	19	大专以上学历	6000-8000			
		会计	2	有相关经验优先	4500-6500			
		品质检验	5	身体健康	3000-5000			
		普工	8	能吃苦耐劳	面议			
49	江苏博瑞机械装备有限公司	一线操作工	11	18-45周岁	5000-7000	朱先生	13601468898	板湖
		储备干部	14	高中以上学历	4000-6000			
		焊接车间主管	17	大专以上学历	6000-8000			
50	盐城汇亚易达自动化设备有限公司	工艺工程师	20	有相关经验优先	4500-6500	王女士	18001479600	罗桥
		生产管理	3	身体健康	3000-5000			
		质量工程师	6	能吃苦耐劳	面议			
		销售员	9	18-45周岁	5000-7000			
		仓库管理员	12	高中以上学历	4000-6000			
		机修工	15	大专以上学历	6000-8000			
51	宁丰科技（阜宁）风电科技有限公司	电工	18	有相关经验优先	4500-6500	陈先生	13815327888	硕集
		操作工	1	身体健康	3000-5000			
		文员	4	能吃苦耐劳	面议			
52	阜宁国泰化工有限公司	会计	7	18-45周岁	5000-7000	李女士	18961958526	开发区
		品质检验	10	高中以上学历	4000-6000			
		普工	13	大专以上学历	6000-8000			
		一线操作工	16	有相关经验优先	4500-6500			
		储备干部	19	身体健康	3000-5000			
		焊接车间主管	2	能吃苦耐劳	面议			
53	江苏阜宁商业服务有限公司	工艺工程师	5	18-45周岁	5000-7000	张经理	15950181627	高新区
		生产管理	8	高中以上学历	4000-6000			
		质量工程师	11	大专以上学历	6000-8000			
54	江苏阜宁商业银行	销售员	14	有相关经验优先	4500-6500	刘先生	13601468898	阜城
		仓库管理员	17	身体健康	3000-5000			
		机修工	20	能吃苦耐劳	面议			
		电工	3	18-45周岁	5000-7000			
		操作工	6	高中以上学历	4000-6000			
		文员	9	大专以上学历	6000-8000			
55	江苏亚特电器有限公司	会计	12	有相关经验优先	4500-6500	朱先生	18001479600	益林
		品质检验	15	身体健康	3000-5000			
		普工	18	能吃苦耐劳	面议			
56	江苏博瑞机械装备有限公司	一线操作工	1	18-45周岁	5000-7000	王女士	13815327888	东沟
		储备干部	4	高中以上学历	4000-6000			
		焊接车间主管	7	大专以上学历	6000-8000			
		工艺工程师	10	有相关经验优先	4500-6500			
		生产管理	13	身体健康	3000-5000			
		质量工程师	16	能吃苦耐劳	面议			
57	盐城汇亚易达自动化设备有限公司	销售员	19	18-45周岁	5000-7000	陈先生	18961958526	新沟
		仓库管理员	2	高中以上学历	4000-6000			
		机修工	5	大专以上学历	6000-8000			
58	宁丰科技（阜宁）风电科技有限公司	电工	8	有相关经验优先	4500-6500	李女士	15950181627	沟墩
		操作工	11	身体健康	3000-5000			
		文员	14	能吃苦耐劳	面议			
		会计	17	18-45周岁	5000-7000			
		品质检验	20	高中以上学历	4000-6000			
		普工	3	大专以上学历	6000-8000			
59	阜宁国泰化工有限公司	一线操作工	6	有相关经验优先	4500-6500	张经理	13601468898	吴滩
		储备干部	9	身体健康	3000-5000			
		焊接车间主管	12	能吃苦耐劳	面议			
60	江苏阜宁商业服务有限公司	工艺工程师	15	18-45周岁	5000-7000	刘先生	18001479600	陈良
		生产管理	18	高中以上学历	4000-6000			
		质量工程师	1	大专以上学历	6000-8000			
		销售员	4	有相关经验优先	4500-6500			
		仓库管理员	7	身体健康	3000-5000			
		机修工	10	能吃苦耐劳	面议			
61	江苏阜宁商业银行	电工	13	18-45周岁	5000-7000	朱先生	13815327888	三灶
		操作工	16	高中以上学历	4000-6000			
		文员	19	大专以上学历	6000-8000			
62	江苏亚特电器有限公司	会计	2	有相关经验优先	4500-6500	王女士	18961958526	羊寨
		品质检验	5	身体健康	3000-5000			
		普工	8	能吃苦耐劳	面议			
		一线操作工	11	18-45周岁	5000-7000			
		储备干部	14	高中以上学历	4000-6000			
		焊接车间主管	17	大专以上学历	6000-8000			
63	江苏博瑞机械装备有限公司	工艺工程师	20	有相关经验优先	4500-6500	陈先生	15950181627	郭墅
		生产管理	3	身体健康	3000-5000			
		质量工程师	6	能吃苦耐劳	面议			
64	盐城汇亚易达自动化设备有限公司	销售员	9	18-45周岁	5000-7000	李女士	13601468898	古河
		仓库管理员	12	高中以上学历	4000-6000			
		机修工	15	大专以上学历	6000-8000			
		电工	18	有相关经验优先	4500-6500			
		操作工	1	身体健康	3000-5000			
		文员	4	能吃苦耐劳	面议			
65	宁丰科技（阜宁）风电科技有限公司	会计	7	18-45周岁	5000-7000	张经理	18001479600	芦蒲
		品质检验	10	高中以上学历	4000-6000			
		普工	13	大专以上学历	6000-8000			
66	阜宁国泰化工有限公司	一线操作工	16	有相关经验优先	4500-6500	刘先生	13815327888	板湖
		储备干部	19	身体健康	3000-5000			
		焊接车间主管	2	能吃苦耐劳	面议			
		工艺工程师	5	18-45周岁	5000-7000			
		生产管理	8	高中以上学历	4000-6000			
